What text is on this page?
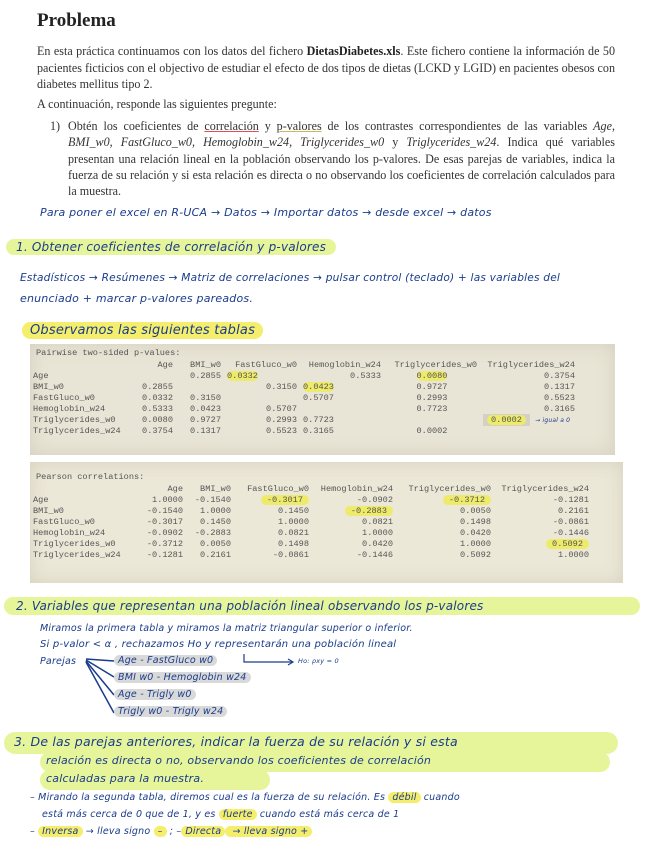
Problema
En esta práctica continuamos con los datos del fichero DietasDiabetes.xls. Este fichero contiene la información de 50 pacientes ficticios con el objectivo de estudiar el efecto de dos tipos de dietas (LCKD y LGID) en pacientes obesos con diabetes mellitus tipo 2.
A continuación, responde las siguientes pregunte:
1) Obtén los coeficientes de correlación y p-valores de los contrastes correspondientes de las variables Age, BMI_w0, FastGluco_w0, Hemoglobin_w24, Triglycerides_w0 y Triglycerides_w24. Indica qué variables presentan una relación lineal en la población observando los p-valores. De esas parejas de variables, indica la fuerza de su relación y si esta relación es directa o no observando los coeficientes de correlación calculados para la muestra.
Para poner el excel en R-UCA → Datos → Importar datos → desde excel → datos
1. Obtener coeficientes de correlación y p-valores
Estadísticos → Resúmenes → Matriz de correlaciones → pulsar control (teclado) + las variables del
enunciado + marcar p-valores pareados.
Observamos las siguientes tablas
Pairwise two-sided p-values:
	Age	BMI_w0	FastGluco_w0	Hemoglobin_w24	Triglycerides_w0	Triglycerides_w24
Age		0.2855	0.0332	0.5333	0.0080	0.3754
BMI_w0	0.2855		0.3150	0.0423	0.9727	0.1317
FastGluco_w0	0.0332	0.3150		0.5707	0.2993	0.5523
Hemoglobin_w24	0.5333	0.0423	0.5707		0.7723	0.3165
Triglycerides_w0	0.0080	0.9727	0.2993	0.7723		0.0002 → igual a 0
Triglycerides_w24	0.3754	0.1317	0.5523	0.3165	0.0002	
Pearson correlations:
	Age	BMI_w0	FastGluco_w0	Hemoglobin_w24	Triglycerides_w0	Triglycerides_w24
Age	1.0000	-0.1540	-0.3017	-0.0902	-0.3712	-0.1281
BMI_w0	-0.1540	1.0000	0.1450	-0.2883	0.0050	0.2161
FastGluco_w0	-0.3017	0.1450	1.0000	0.0821	0.1498	-0.0861
Hemoglobin_w24	-0.0902	-0.2883	0.0821	1.0000	0.0420	-0.1446
Triglycerides_w0	-0.3712	0.0050	0.1498	0.0420	1.0000	0.5092
Triglycerides_w24	-0.1281	0.2161	-0.0861	-0.1446	0.5092	1.0000
2. Variables que representan una población lineal observando los p-valores
Miramos la primera tabla y miramos la matriz triangular superior o inferior.
Si p-valor < α , rechazamos Ho y representarán una población lineal
Parejas	Age - FastGluco w0
BMI w0 - Hemoglobin w24
Age - Trigly w0
Trigly w0 - Trigly w24
Ho: ρxy = 0
3. De las parejas anteriores, indicar la fuerza de su relación y si esta
relación es directa o no, observando los coeficientes de correlación
calculadas para la muestra.
– Mirando la segunda tabla, diremos cual es la fuerza de su relación. Es débil cuando
está más cerca de 0 que de 1, y es fuerte cuando está más cerca de 1
– Inversa → lleva signo – ; – Directa → lleva signo +
